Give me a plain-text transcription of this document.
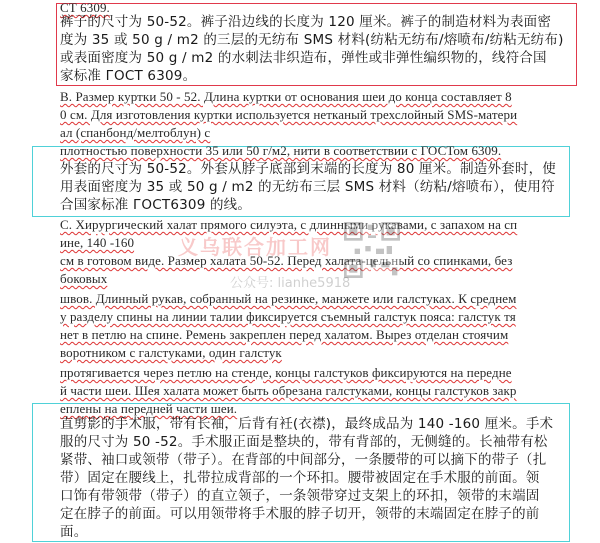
СТ 6309.
裤子的尺寸为 50-52。裤子沿边线的长度为 120 厘米。裤子的制造材料为表面密
度为 35 或 50 g / m2 的三层的无纺布 SMS 材料(纺粘无纺布/熔喷布/纺粘无纺布)
或表面密度为 50 g / m2 的水刺法非织造布，弹性或非弹性编织物的，线符合国
家标准 ГОСТ 6309。
B. Размер куртки 50 - 52. Длина куртки от основания шеи до конца составляет 8
0 см. Для изготовления куртки используется нетканый трехслойный SMS-матери
ал (спанбонд/мелтоблун) с
плотностью поверхности 35 или 50 г/м2, нити в соответствии с ГОСТом 6309.
外套的尺寸为 50-52。外套从脖子底部到末端的长度为 80 厘米。制造外套时，使
用表面密度为 35 或 50 g / m2 的无纺布三层 SMS 材料（纺粘/熔喷布），使用符
合国家标准 ГОСТ6309 的线。
C. Хирургический халат прямого силуэта, с длинными рукавами, с запахом на сп
ине, 140 -160
см в готовом виде. Размер халата 50-52. Перед халата-цельный со спинками, без
боковых
швов. Длинный рукав, собранный на резинке, манжете или галстуках. К среднем
у разделу спины на линии талии фиксируется съемный галстук пояса: галстук тя
нет в петлю на спине. Ремень закреплен перед халатом. Вырез отделан стоячим
воротником с галстуками, один галстук
протягивается через петлю на стенде, концы галстуков фиксируются на передне
й части шеи. Шея халата может быть обрезана галстуками, концы галстуков закр
еплены на передней части шеи.
直剪影的手术服，带有长袖，后背有衽(衣襟)，最终成品为 140 -160 厘米。手术
服的尺寸为 50 -52。手术服正面是整块的，带有背部的，无侧缝的。长袖带有松
紧带、袖口或领带（带子）。在背部的中间部分，一条腰带的可以摘下的带子（扎
带）固定在腰线上，扎带拉成背部的一个环扣。腰带被固定在手术服的前面。领
口饰有带领带（带子）的直立领子，一条领带穿过支架上的环扣，领带的末端固
定在脖子的前面。可以用领带将手术服的脖子切开，领带的末端固定在脖子的前
面。
义乌联合加工网
公众号: lianhe5918
